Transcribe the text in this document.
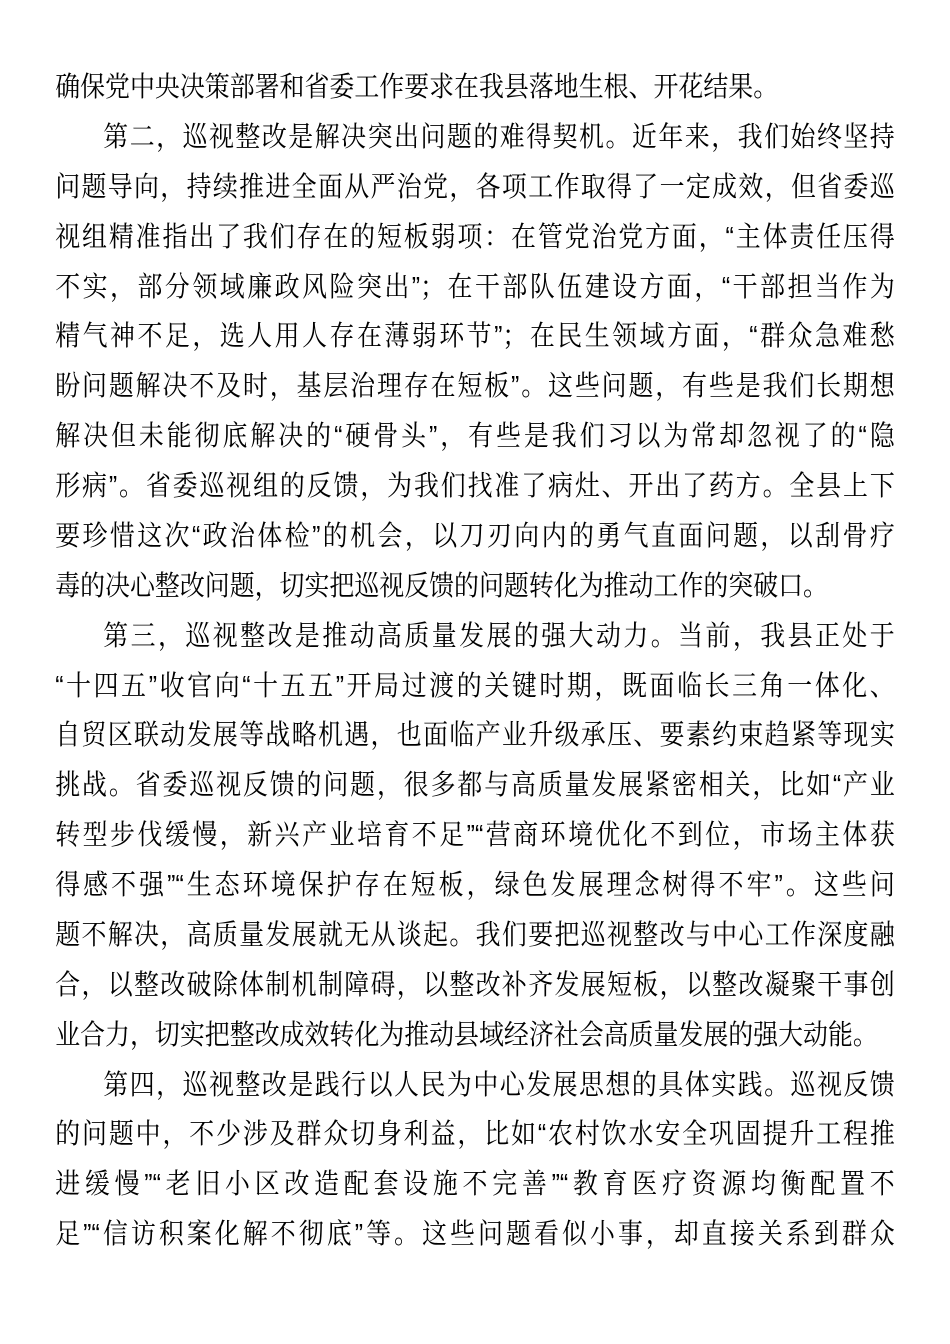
确保党中央决策部署和省委工作要求在我县落地生根、开花结果。
第二，巡视整改是解决突出问题的难得契机。近年来，我们始终坚持
问题导向，持续推进全面从严治党，各项工作取得了一定成效，但省委巡
视组精准指出了我们存在的短板弱项：在管党治党方面，“主体责任压得
不实，部分领域廉政风险突出”；在干部队伍建设方面，“干部担当作为
精气神不足，选人用人存在薄弱环节”；在民生领域方面，“群众急难愁
盼问题解决不及时，基层治理存在短板”。这些问题，有些是我们长期想
解决但未能彻底解决的“硬骨头”，有些是我们习以为常却忽视了的“隐
形病”。省委巡视组的反馈，为我们找准了病灶、开出了药方。全县上下
要珍惜这次“政治体检”的机会，以刀刃向内的勇气直面问题，以刮骨疗
毒的决心整改问题，切实把巡视反馈的问题转化为推动工作的突破口。
第三，巡视整改是推动高质量发展的强大动力。当前，我县正处于
“十四五”收官向“十五五”开局过渡的关键时期，既面临长三角一体化、
自贸区联动发展等战略机遇，也面临产业升级承压、要素约束趋紧等现实
挑战。省委巡视反馈的问题，很多都与高质量发展紧密相关，比如“产业
转型步伐缓慢，新兴产业培育不足”“营商环境优化不到位，市场主体获
得感不强”“生态环境保护存在短板，绿色发展理念树得不牢”。这些问
题不解决，高质量发展就无从谈起。我们要把巡视整改与中心工作深度融
合，以整改破除体制机制障碍，以整改补齐发展短板，以整改凝聚干事创
业合力，切实把整改成效转化为推动县域经济社会高质量发展的强大动能。
第四，巡视整改是践行以人民为中心发展思想的具体实践。巡视反馈
的问题中，不少涉及群众切身利益，比如“农村饮水安全巩固提升工程推
进缓慢”“老旧小区改造配套设施不完善”“教育医疗资源均衡配置不
足”“信访积案化解不彻底”等。这些问题看似小事，却直接关系到群众
